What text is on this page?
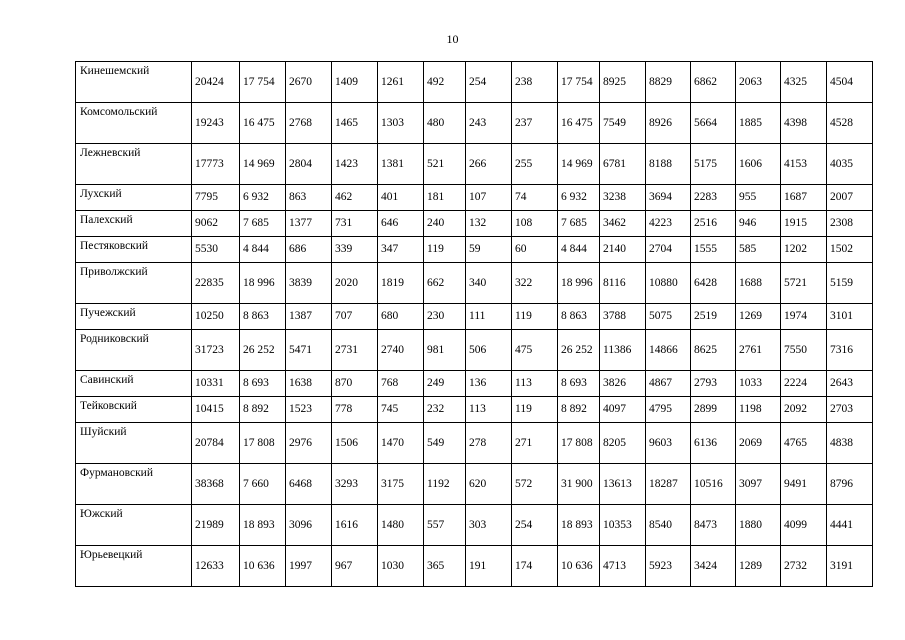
10
Кинешемский	20424	17 754	2670	1409	1261	492	254	238	17 754	8925	8829	6862	2063	4325	4504
Комсомольский	19243	16 475	2768	1465	1303	480	243	237	16 475	7549	8926	5664	1885	4398	4528
Лежневский	17773	14 969	2804	1423	1381	521	266	255	14 969	6781	8188	5175	1606	4153	4035
Лухский	7795	6 932	863	462	401	181	107	74	6 932	3238	3694	2283	955	1687	2007
Палехский	9062	7 685	1377	731	646	240	132	108	7 685	3462	4223	2516	946	1915	2308
Пестяковский	5530	4 844	686	339	347	119	59	60	4 844	2140	2704	1555	585	1202	1502
Приволжский	22835	18 996	3839	2020	1819	662	340	322	18 996	8116	10880	6428	1688	5721	5159
Пучежский	10250	8 863	1387	707	680	230	111	119	8 863	3788	5075	2519	1269	1974	3101
Родниковский	31723	26 252	5471	2731	2740	981	506	475	26 252	11386	14866	8625	2761	7550	7316
Савинский	10331	8 693	1638	870	768	249	136	113	8 693	3826	4867	2793	1033	2224	2643
Тейковский	10415	8 892	1523	778	745	232	113	119	8 892	4097	4795	2899	1198	2092	2703
Шуйский	20784	17 808	2976	1506	1470	549	278	271	17 808	8205	9603	6136	2069	4765	4838
Фурмановский	38368	7 660	6468	3293	3175	1192	620	572	31 900	13613	18287	10516	3097	9491	8796
Южский	21989	18 893	3096	1616	1480	557	303	254	18 893	10353	8540	8473	1880	4099	4441
Юрьевецкий	12633	10 636	1997	967	1030	365	191	174	10 636	4713	5923	3424	1289	2732	3191
